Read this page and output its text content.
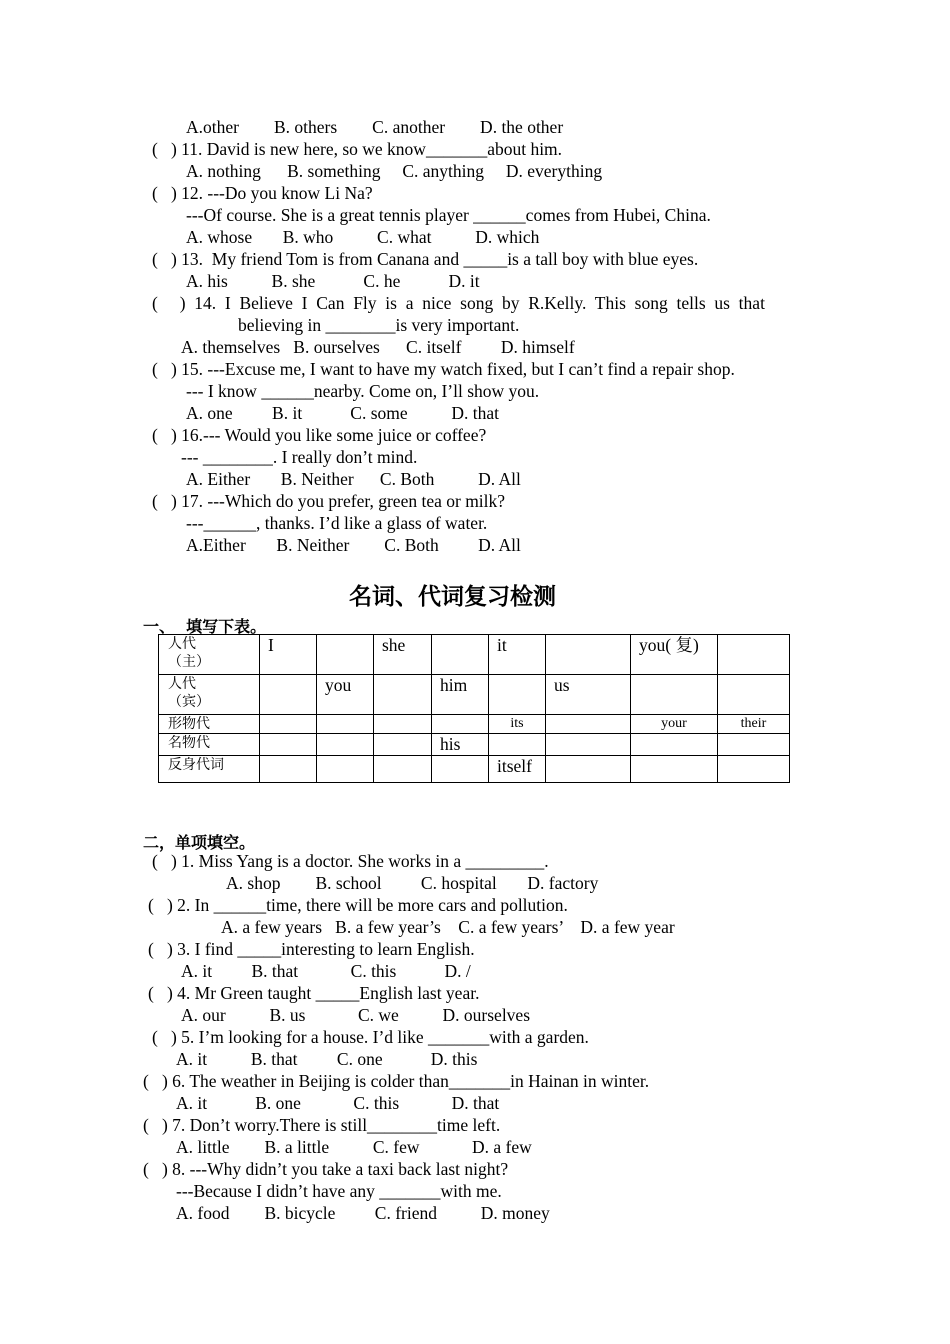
A.other        B. others        C. another        D. the other
(   ) 11. David is new here, so we know_______about him.
A. nothing      B. something     C. anything     D. everything
(   ) 12. ---Do you know Li Na?
---Of course. She is a great tennis player ______comes from Hubei, China.
A. whose       B. who          C. what          D. which
(   ) 13.  My friend Tom is from Canana and _____is a tall boy with blue eyes.
A. his          B. she           C. he           D. it
(     )  14.  I  Believe  I  Can  Fly  is  a  nice  song  by  R.Kelly.  This  song  tells  us  that
believing in ________is very important.
A. themselves   B. ourselves      C. itself         D. himself
(   ) 15. ---Excuse me, I want to have my watch fixed, but I can’t find a repair shop.
--- I know ______nearby. Come on, I’ll show you.
A. one         B. it           C. some          D. that
(   ) 16.--- Would you like some juice or coffee?
--- ________. I really don’t mind.
A. Either       B. Neither      C. Both          D. All
(   ) 17. ---Which do you prefer, green tea or milk?
---______, thanks. I’d like a glass of water.
A.Either       B. Neither        C. Both         D. All
名词、代词复习检测
一、  填写下表。
人代
（主）	I		she		it		you( 复)	
人代
（宾）		you		him		us		
形物代					its		your	their
名物代				his				
反身代词					itself			
二，单项填空。
(   ) 1. Miss Yang is a doctor. She works in a _________.
A. shop        B. school         C. hospital       D. factory
(   ) 2. In ______time, there will be more cars and pollution.
A. a few years   B. a few year’s    C. a few years’    D. a few year
(   ) 3. I find _____interesting to learn English.
A. it         B. that            C. this           D. /
(   ) 4. Mr Green taught _____English last year.
A. our          B. us            C. we          D. ourselves
(   ) 5. I’m looking for a house. I’d like _______with a garden.
A. it          B. that         C. one           D. this
(   ) 6. The weather in Beijing is colder than_______in Hainan in winter.
A. it           B. one            C. this            D. that
(   ) 7. Don’t worry.There is still________time left.
A. little        B. a little          C. few            D. a few
(   ) 8. ---Why didn’t you take a taxi back last night?
---Because I didn’t have any _______with me.
A. food        B. bicycle         C. friend          D. money
